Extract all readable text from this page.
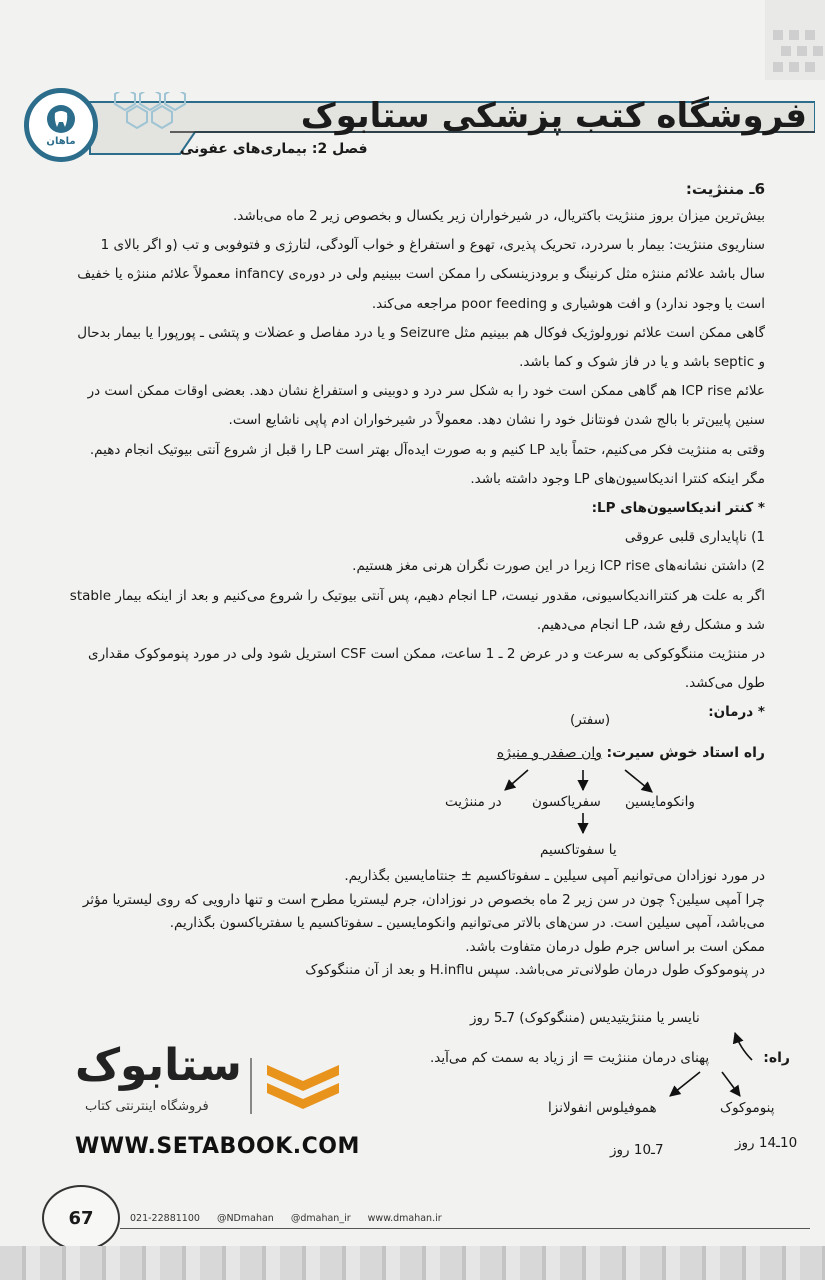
ماهان
فروشگاه کتب پزشکی ستابوک
فصل 2: بیماری‌های عفونی
6ـ مننژیت:
بیش‌ترین میزان بروز مننژیت باکتریال، در شیرخواران زیر یکسال و بخصوص زیر 2 ماه می‌باشد.
سناریوی مننژیت: بیمار با سردرد، تحریک پذیری، تهوع و استفراغ و خواب آلودگی، لتارژی و فتوفوبی و تب (و اگر بالای 1
سال باشد علائم مننژه مثل کرنینگ و برودزینسکی را ممکن است ببینیم ولی در دوره‌ی infancy معمولاً علائم مننژه یا خفیف
است یا وجود ندارد) و افت هوشیاری و poor feeding مراجعه می‌کند.
گاهی ممکن است علائم نورولوژیک فوکال هم ببینیم مثل Seizure و یا درد مفاصل و عضلات و پتشی ـ پورپورا یا بیمار بدحال
و septic باشد و یا در فاز شوک و کما باشد.
علائم ICP rise هم گاهی ممکن است خود را به شکل سر درد و دوبینی و استفراغ نشان دهد. بعضی اوقات ممکن است در
سنین پایین‌تر با بالج شدن فونتانل خود را نشان دهد. معمولاً در شیرخواران ادم پاپی ناشایع است.
وقتی به مننژیت فکر می‌کنیم، حتماً باید LP کنیم و به صورت ایده‌آل بهتر است LP را قبل از شروع آنتی بیوتیک انجام دهیم.
مگر اینکه کنترا اندیکاسیون‌های LP وجود داشته باشد.
* کنتر اندیکاسیون‌های LP:
1) ناپایداری قلبی عروقی
2) داشتن نشانه‌های ICP rise زیرا در این صورت نگران هرنی مغز هستیم.
اگر به علت هر کنترااندیکاسیونی، مقدور نیست، LP انجام دهیم، پس آنتی بیوتیک را شروع می‌کنیم و بعد از اینکه بیمار stable
شد و مشکل رفع شد، LP انجام می‌دهیم.
در مننژیت مننگوکوکی به سرعت و در عرض 2 ـ 1 ساعت، ممکن است CSF استریل شود ولی در مورد پنوموکوک مقداری
طول می‌کشد.
* درمان:
(سفتر)
راه استاد خوش سیرت: وان صفدر و منیژه
وانکومایسین
سفریاکسون
در مننژیت
یا سفوتاکسیم
در مورد نوزادان می‌توانیم آمپی سیلین ـ سفوتاکسیم ± جنتامایسین بگذاریم.
چرا آمپی سیلین؟ چون در سن زیر 2 ماه بخصوص در نوزادان، جرم لیستریا مطرح است و تنها دارویی که روی لیستریا مؤثر
می‌باشد، آمپی سیلین است. در سن‌های بالاتر می‌توانیم وانکومایسین ـ سفوتاکسیم یا سفتریاکسون بگذاریم.
ممکن است بر اساس جرم طول درمان متفاوت باشد.
در پنوموکوک طول درمان طولانی‌تر می‌باشد. سپس H.influ و بعد از آن مننگوکوک
نایسر یا مننژیتیدیس (مننگوکوک) 7ـ5 روز
راه:
پهنای درمان مننژیت = از زیاد به سمت کم می‌آید.
پنوموکوک
هموفیلوس انفولانزا
10ـ14 روز
7ـ10 روز
ستابوک
فروشگاه اینترنتی کتاب
WWW.SETABOOK.COM
67	021-22881100 @NDmahan @dmahan_ir www.dmahan.ir
